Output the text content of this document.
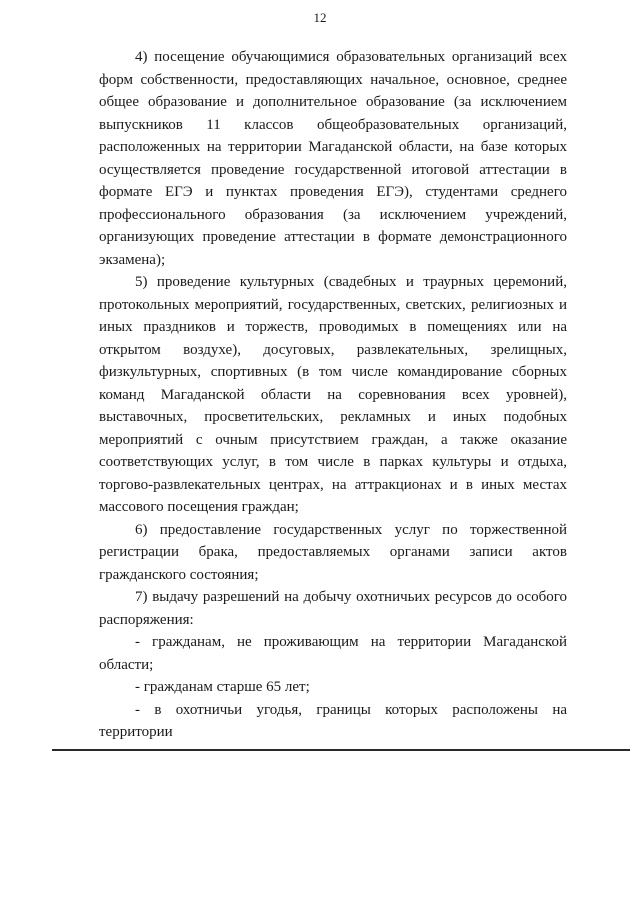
12

4) посещение обучающимися образовательных организаций всех форм собственности, предоставляющих начальное, основное, среднее общее образование и дополнительное образование (за исключением выпускников 11 классов общеобразовательных организаций, расположенных на территории Магаданской области, на базе которых осуществляется проведение государственной итоговой аттестации в формате ЕГЭ и пунктах проведения ЕГЭ), студентами среднего профессионального образования (за исключением учреждений, организующих проведение аттестации в формате демонстрационного экзамена);

5) проведение культурных (свадебных и траурных церемоний, протокольных мероприятий, государственных, светских, религиозных и иных праздников и торжеств, проводимых в помещениях или на открытом воздухе), досуговых, развлекательных, зрелищных, физкультурных, спортивных (в том числе командирование сборных команд Магаданской области на соревнования всех уровней), выставочных, просветительских, рекламных и иных подобных мероприятий с очным присутствием граждан, а также оказание соответствующих услуг, в том числе в парках культуры и отдыха, торгово-развлекательных центрах, на аттракционах и в иных местах массового посещения граждан;

6) предоставление государственных услуг по торжественной регистрации брака, предоставляемых органами записи актов гражданского состояния;

7) выдачу разрешений на добычу охотничьих ресурсов до особого распоряжения:

- гражданам, не проживающим на территории Магаданской области;

- гражданам старше 65 лет;

- в охотничьи угодья, границы которых расположены на территории
